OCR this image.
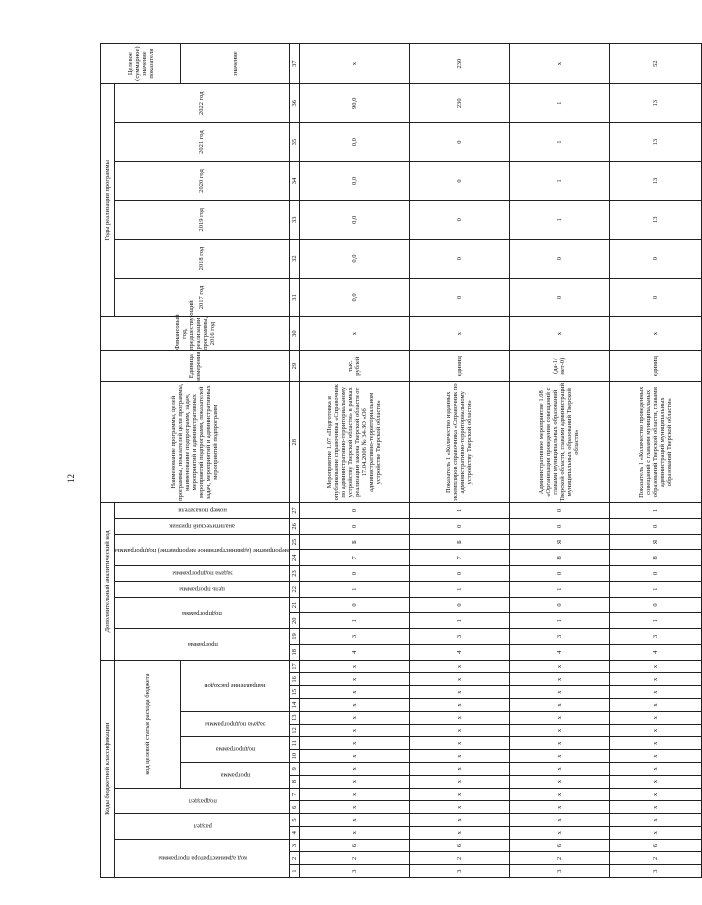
12
Коды бюджетной классификации																	Дополнительный аналитический код										Наименование программы, целей программы, показателей цели программы, наименование подпрограмм, задач, мероприятий и административных мероприятий подпрограмм, показателей задач, мероприятий и административных мероприятий подпрограмм	Единица измерения	Финансовый год, предшествующий реализации программы, 2016 год	Годы реализации программы						Целевое (суммарное) значение показателя
код администратора программы			раздел		подраздел		код целевой статьи расхода бюджета										программа		подпрограмма		цель программы	задача подпрограммы	мероприятие (административное мероприятие) подпрограммы		аналитический признак	номер показателя				2017 год	2018 год	2019 год	2020 год	2021 год	2022 год	
							программа		подпрограмма		задача подпрограммы		направление расходов																							значение
1	2	3	4	5	6	7	8	9	10	11	12	13	14	15	16	17	18	19	20	21	22	23	24	25	26	27	28	29	30	31	32	33	34	35	36	37
3	2	6	х	х	х	х	х	х	х	х	х	х	х	х	х	х	4	3	1	0	1	0	7	Б	0	0	Мероприятие 1.07 «Подготовка и опубликование справочника «Справочник по административно-территориальному устройству Тверской области» в рамках реализации закона Тверской области от 17.04.2006 № 34-ЗО «Об административно-территориальном устройстве Тверской области»	тыс. рублей	х	0,0	0,0	0,0	0,0	0,0	90,0	х
3	2	6	х	х	х	х	х	х	х	х	х	х	х	х	х	х	4	3	1	0	1	0	7	Б	0	1	Показатель 1 «Количество изданных экземпляров справочника «Справочник по административно-территориальному устройству Тверской области»	единиц	х	0	0	0	0	0	230	230
3	2	6	х	х	х	х	х	х	х	х	х	х	х	х	х	х	4	3	1	0	1	0	8	Я	0	0	Административное мероприятие 1.08 «Организация проведения совещаний с главами муниципальных образований Тверской области, главами администраций муниципальных образований Тверской области»	(да-1/нет-0)	х	0	0	1	1	1	1	х
3	2	6	х	х	х	х	х	х	х	х	х	х	х	х	х	х	4	3	1	0	1	0	8	Я	0	1	Показатель 1 «Количество проведенных совещаний с главами муниципальных образований Тверской области, главами администраций муниципальных образований Тверской области»	единиц	х	0	0	13	13	13	13	52
